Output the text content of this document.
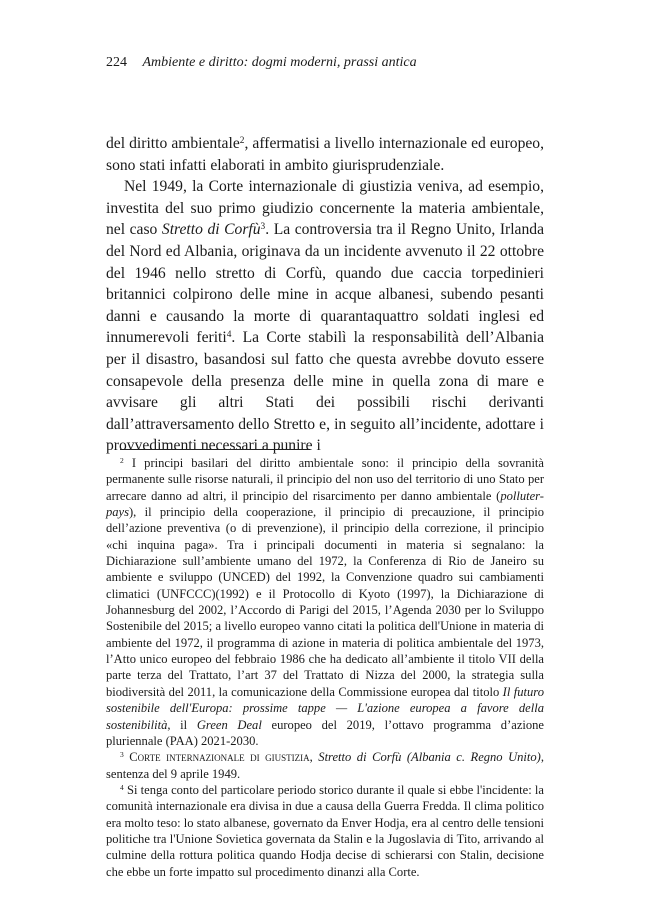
224 Ambiente e diritto: dogmi moderni, prassi antica

del diritto ambientale$^2$, affermatisi a livello internazionale ed europeo, sono stati infatti elaborati in ambito giurisprudenziale.

Nel 1949, la Corte internazionale di giustizia veniva, ad esempio, investita del suo primo giudizio concernente la materia ambientale, nel caso Stretto di Corfù$^3$. La controversia tra il Regno Unito, Irlanda del Nord ed Albania, originava da un incidente avvenuto il 22 ottobre del 1946 nello stretto di Corfù, quando due caccia torpedinieri britannici colpirono delle mine in acque albanesi, subendo pesanti danni e causando la morte di quarantaquattro soldati inglesi ed innumerevoli feriti$^4$. La Corte stabilì la responsabilità dell’Albania per il disastro, basandosi sul fatto che questa avrebbe dovuto essere consapevole della presenza delle mine in quella zona di mare e avvisare gli altri Stati dei possibili rischi derivanti dall’attraversamento dello Stretto e, in seguito all’incidente, adottare i provvedimenti necessari a punire i

$^2$ I principi basilari del diritto ambientale sono: il principio della sovranità permanente sulle risorse naturali, il principio del non uso del territorio di uno Stato per arrecare danno ad altri, il principio del risarcimento per danno ambientale (polluter-pays), il principio della cooperazione, il principio di precauzione, il principio dell’azione preventiva (o di prevenzione), il principio della correzione, il principio «chi inquina paga». Tra i principali documenti in materia si segnalano: la Dichiarazione sull’ambiente umano del 1972, la Conferenza di Rio de Janeiro su ambiente e sviluppo (UNCED) del 1992, la Convenzione quadro sui cambiamenti climatici (UNFCCC)(1992) e il Protocollo di Kyoto (1997), la Dichiarazione di Johannesburg del 2002, l’Accordo di Parigi del 2015, l’Agenda 2030 per lo Sviluppo Sostenibile del 2015; a livello europeo vanno citati la politica dell'Unione in materia di ambiente del 1972, il programma di azione in materia di politica ambientale del 1973, l’Atto unico europeo del febbraio 1986 che ha dedicato all’ambiente il titolo VII della parte terza del Trattato, l’art 37 del Trattato di Nizza del 2000, la strategia sulla biodiversità del 2011, la comunicazione della Commissione europea dal titolo Il futuro sostenibile dell'Europa: prossime tappe — L'azione europea a favore della sostenibilità, il Green Deal europeo del 2019, l’ottavo programma d’azione pluriennale (PAA) 2021-2030.

$^3$ Corte internazionale di giustizia, Stretto di Corfù (Albania c. Regno Unito), sentenza del 9 aprile 1949.

$^4$ Si tenga conto del particolare periodo storico durante il quale si ebbe l'incidente: la comunità internazionale era divisa in due a causa della Guerra Fredda. Il clima politico era molto teso: lo stato albanese, governato da Enver Hodja, era al centro delle tensioni politiche tra l'Unione Sovietica governata da Stalin e la Jugoslavia di Tito, arrivando al culmine della rottura politica quando Hodja decise di schierarsi con Stalin, decisione che ebbe un forte impatto sul procedimento dinanzi alla Corte.
